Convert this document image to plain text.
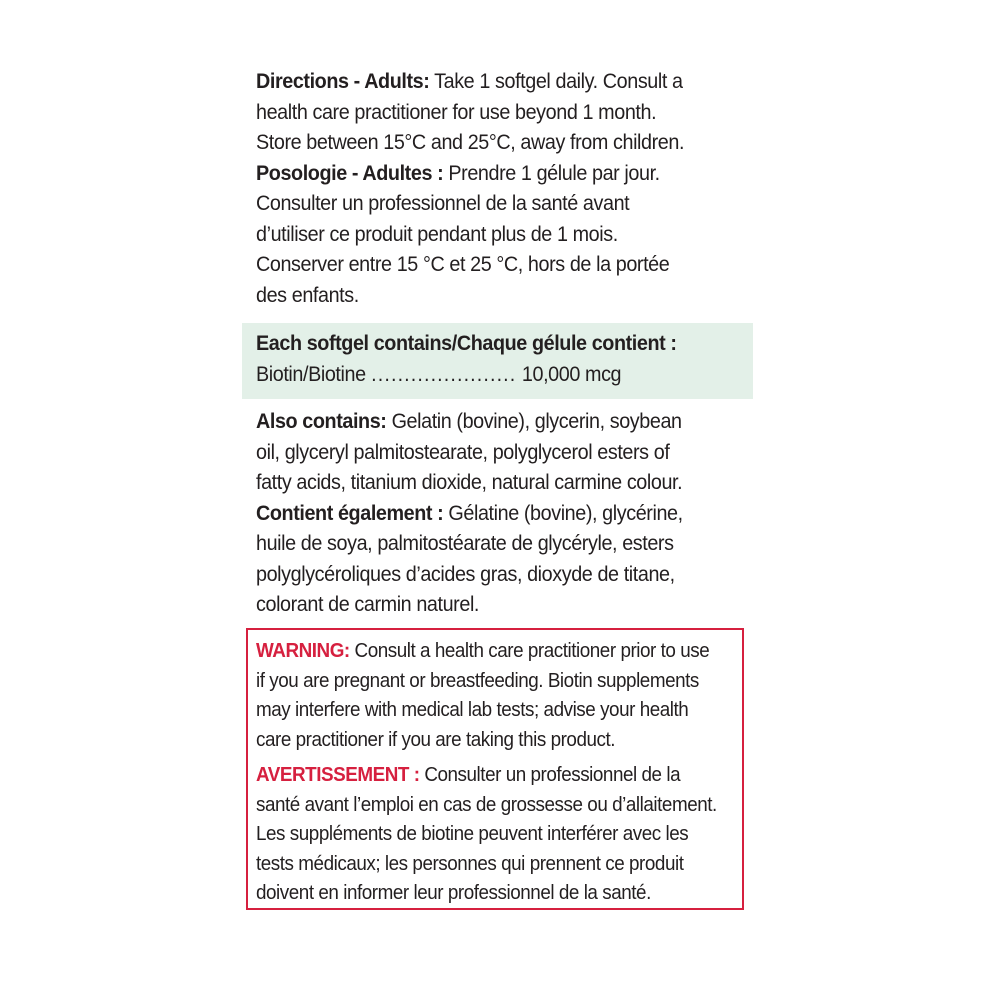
Directions - Adults: Take 1 softgel daily. Consult a
health care practitioner for use beyond 1 month.
Store between 15°C and 25°C, away from children.
Posologie - Adultes : Prendre 1 gélule par jour.
Consulter un professionnel de la santé avant
d’utiliser ce produit pendant plus de 1 mois.
Conserver entre 15 °C et 25 °C, hors de la portée
des enfants.
Each softgel contains/Chaque gélule contient :
Biotin/Biotine ...................... 10,000 mcg
Also contains: Gelatin (bovine), glycerin, soybean
oil, glyceryl palmitostearate, polyglycerol esters of
fatty acids, titanium dioxide, natural carmine colour.
Contient également : Gélatine (bovine), glycérine,
huile de soya, palmitostéarate de glycéryle, esters
polyglycéroliques d’acides gras, dioxyde de titane,
colorant de carmin naturel.
WARNING: Consult a health care practitioner prior to use
if you are pregnant or breastfeeding. Biotin supplements
may interfere with medical lab tests; advise your health
care practitioner if you are taking this product.
AVERTISSEMENT : Consulter un professionnel de la
santé avant l’emploi en cas de grossesse ou d’allaitement.
Les suppléments de biotine peuvent interférer avec les
tests médicaux; les personnes qui prennent ce produit
doivent en informer leur professionnel de la santé.
